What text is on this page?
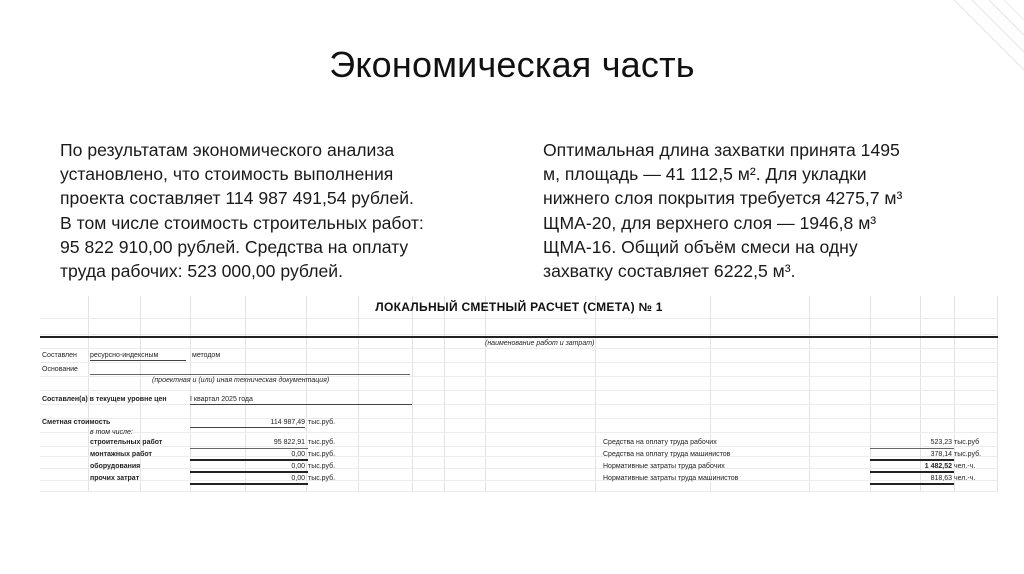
Экономическая часть
По результатам экономического анализа
установлено, что стоимость выполнения
проекта составляет 114 987 491,54 рублей.
В том числе стоимость строительных работ:
95 822 910,00 рублей. Средства на оплату
труда рабочих: 523 000,00 рублей.
Оптимальная длина захватки принята 1495
м, площадь — 41 112,5 м². Для укладки
нижнего слоя покрытия требуется 4275,7 м³
ЩМА-20, для верхнего слоя — 1946,8 м³
ЩМА-16. Общий объём смеси на одну
захватку составляет 6222,5 м³.
ЛОКАЛЬНЫЙ СМЕТНЫЙ РАСЧЕТ (СМЕТА) № 1
(наименование работ и затрат)
Составлен ресурсно-индексным	методом
Основание
(проектная и (или) иная техническая документация)
Составлен(а) в текущем уровне цен	I квартал 2025 года
Сметная стоимость	114 987,49 тыс.руб.
в том числе:
строительных работ	95 822,91 тыс.руб.
монтажных работ	0,00 тыс.руб.
оборудования	0,00 тыс.руб.
прочих затрат	0,00 тыс.руб.
Средства на оплату труда рабочих	523,23 тыс.руб
Средства на оплату труда машинистов	378,14 тыс.руб.
Нормативные затраты труда рабочих	1 482,52 чел.-ч.
Нормативные затраты труда машинистов	818,63 чел.-ч.
